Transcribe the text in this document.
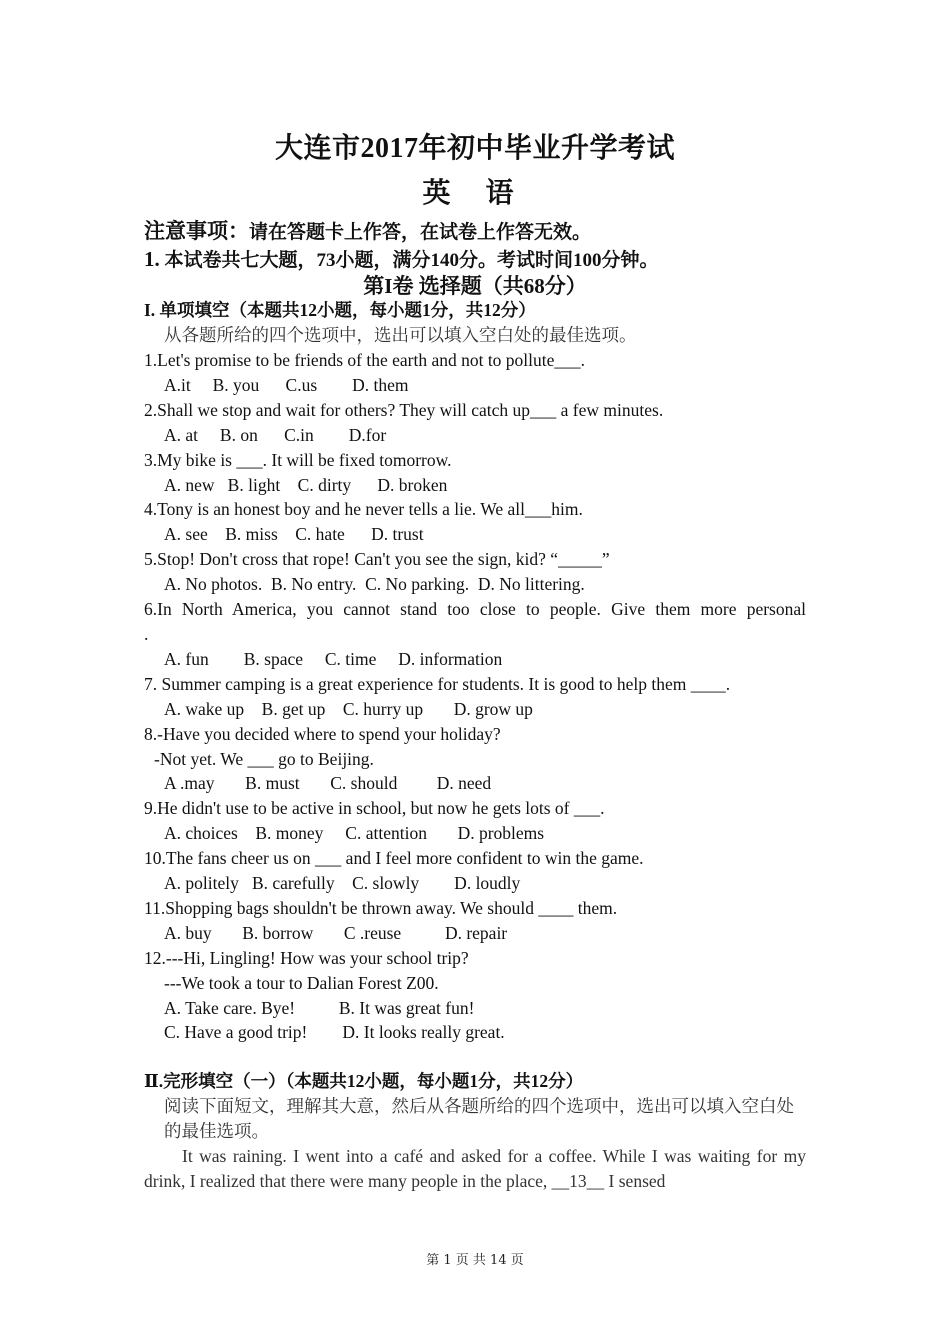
大连市2017年初中毕业升学考试
英 语
注意事项：请在答题卡上作答，在试卷上作答无效。
1. 本试卷共七大题，73小题，满分140分。考试时间100分钟。
第I卷 选择题（共68分）
I. 单项填空（本题共12小题，每小题1分，共12分）
从各题所给的四个选项中，选出可以填入空白处的最佳选项。
1.Let's promise to be friends of the earth and not to pollute___.
A.it     B. you      C.us        D. them
2.Shall we stop and wait for others? They will catch up___ a few minutes.
A. at     B. on      C.in        D.for
3.My bike is ___. It will be fixed tomorrow.
A. new   B. light    C. dirty      D. broken
4.Tony is an honest boy and he never tells a lie. We all___him.
A. see    B. miss    C. hate      D. trust
5.Stop! Don't cross that rope! Can't you see the sign, kid? “_____”
A. No photos.  B. No entry.  C. No parking.  D. No littering.
6.In North America, you cannot stand too close to people. Give them more personal
.
A. fun        B. space     C. time     D. information
7. Summer camping is a great experience for students. It is good to help them ____.
A. wake up    B. get up    C. hurry up       D. grow up
8.-Have you decided where to spend your holiday?
-Not yet. We ___ go to Beijing.
A .may       B. must       C. should         D. need
9.He didn't use to be active in school, but now he gets lots of ___.
A. choices    B. money     C. attention       D. problems
10.The fans cheer us on ___ and I feel more confident to win the game.
A. politely   B. carefully    C. slowly        D. loudly
11.Shopping bags shouldn't be thrown away. We should ____ them.
A. buy       B. borrow       C .reuse          D. repair
12.---Hi, Lingling! How was your school trip?
---We took a tour to Dalian Forest Z00.
A. Take care. Bye!          B. It was great fun!
C. Have a good trip!        D. It looks really great.
Ⅱ.完形填空（一）（本题共12小题，每小题1分，共12分）
阅读下面短文，理解其大意，然后从各题所给的四个选项中，选出可以填入空白处的最佳选项。
It was raining. I went into a café and asked for a coffee. While I was waiting for my drink, I realized that there were many people in the place, __13__ I sensed
第 1 页 共 14 页
